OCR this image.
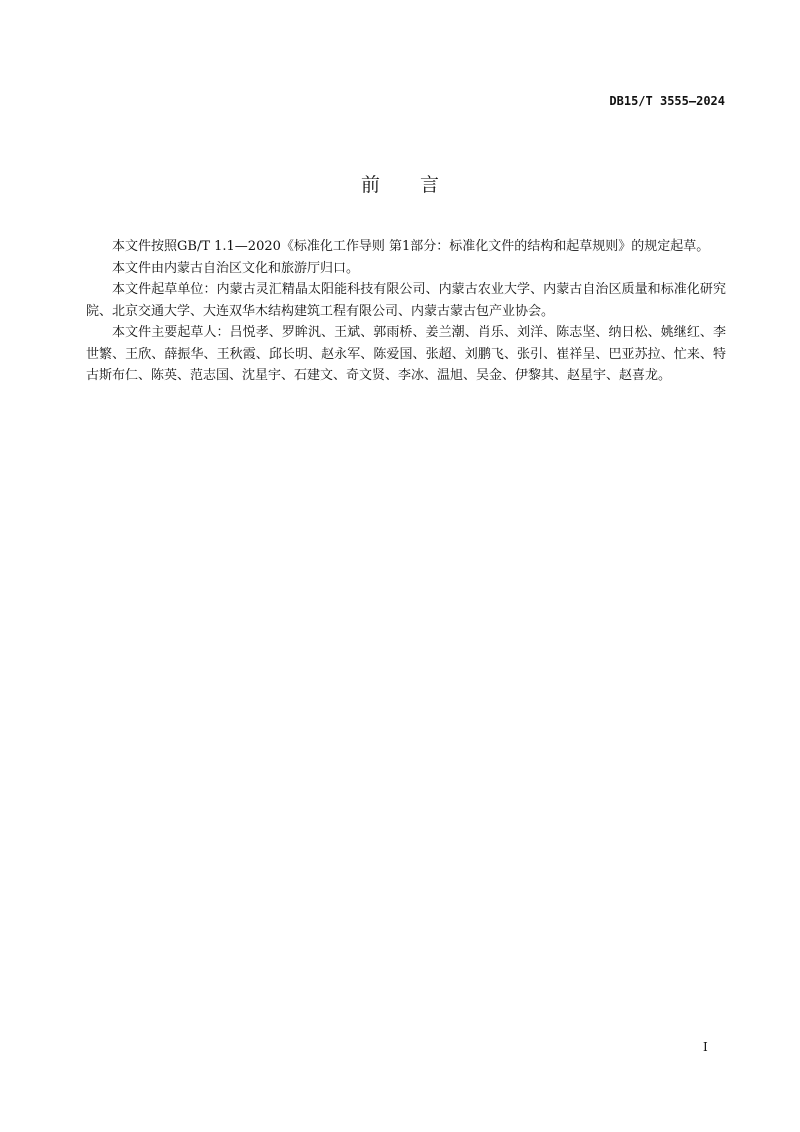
DB15/T 3555—2024
前言

本文件按照GB/T 1.1—2020《标准化工作导则 第1部分：标准化文件的结构和起草规则》的规定起草。

本文件由内蒙古自治区文化和旅游厅归口。

本文件起草单位：内蒙古灵汇精晶太阳能科技有限公司、内蒙古农业大学、内蒙古自治区质量和标准化研究院、北京交通大学、大连双华木结构建筑工程有限公司、内蒙古蒙古包产业协会。

本文件主要起草人：吕悦孝、罗眸汎、王斌、郭雨桥、姜兰潮、肖乐、刘洋、陈志坚、纳日松、姚继红、李世繁、王欣、薛振华、王秋霞、邱长明、赵永军、陈爱国、张超、刘鹏飞、张引、崔祥呈、巴亚苏拉、忙来、特古斯布仁、陈英、范志国、沈星宇、石建文、奇文贤、李冰、温旭、吴金、伊黎其、赵星宇、赵喜龙。

I
